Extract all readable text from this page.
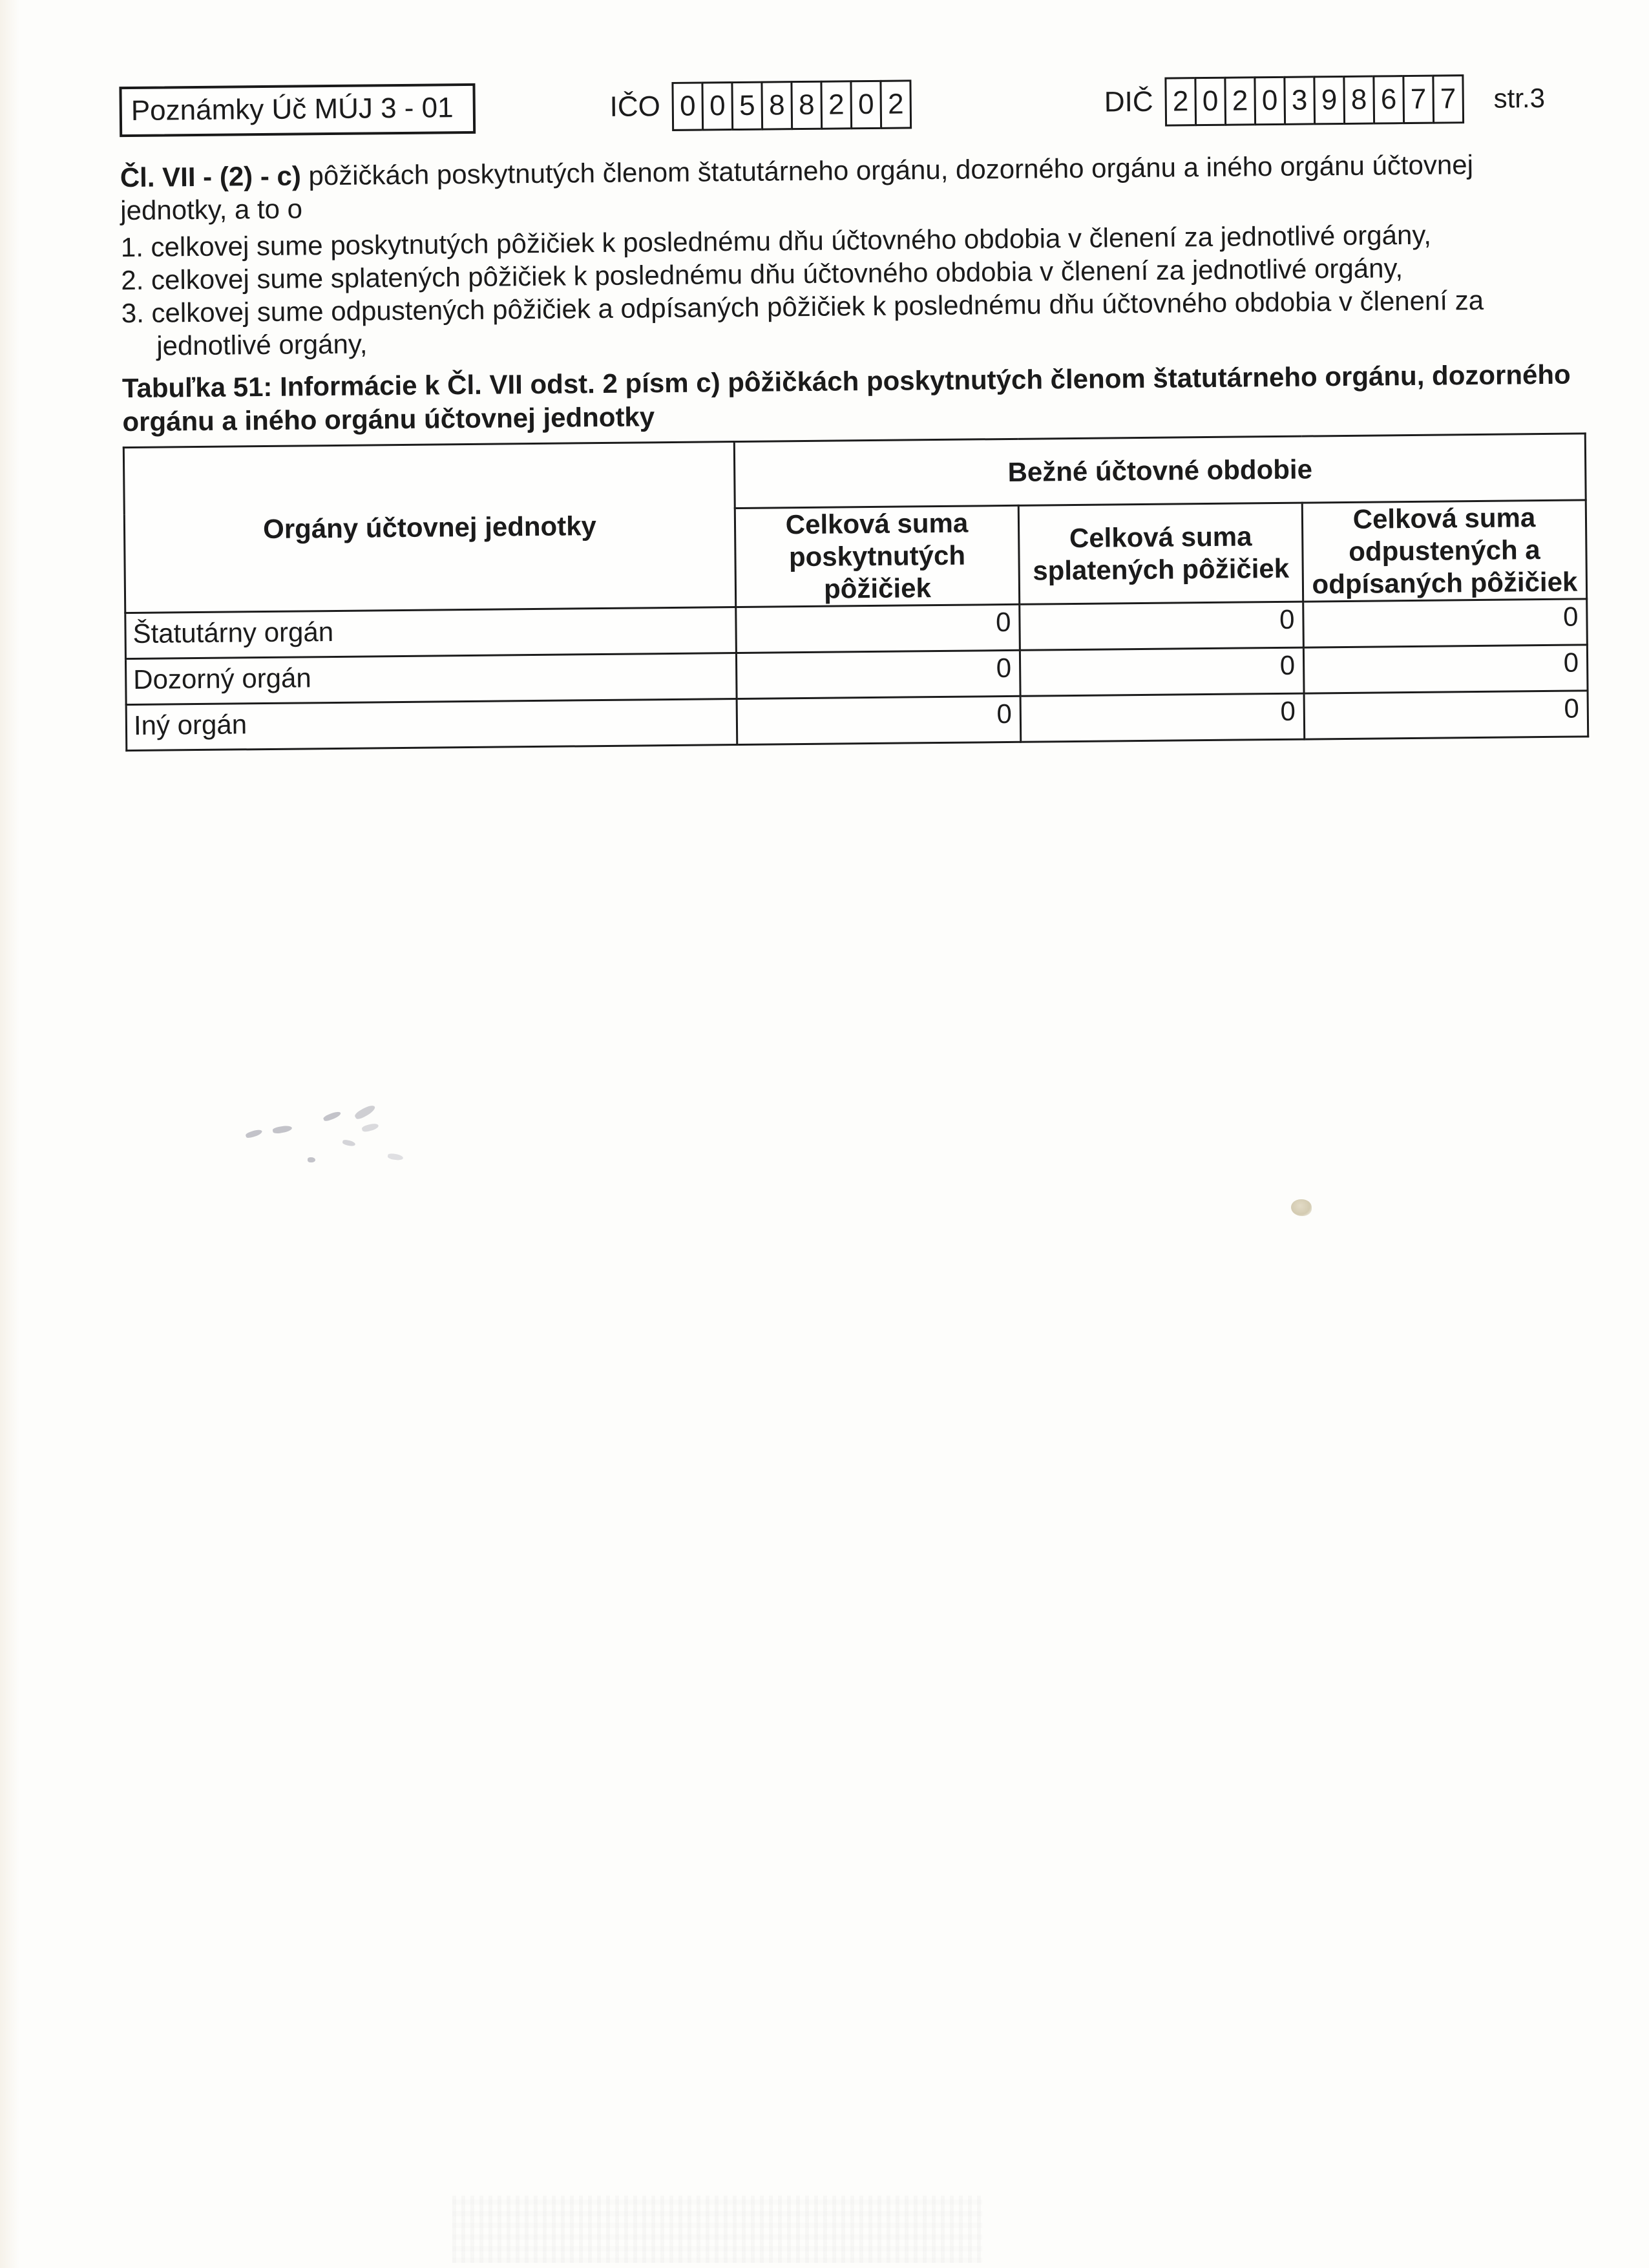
Poznámky Úč MÚJ 3 - 01	IČO 0 0 5 8 8 2 0 2	DIČ 2 0 2 0 3 9 8 6 7 7 str.3

Čl. VII - (2) - c) pôžičkách poskytnutých členom štatutárneho orgánu, dozorného orgánu a iného orgánu účtovnej jednotky, a to o

1. celkovej sume poskytnutých pôžičiek k poslednému dňu účtovného obdobia v členení za jednotlivé orgány,

2. celkovej sume splatených pôžičiek k poslednému dňu účtovného obdobia v členení za jednotlivé orgány,

3. celkovej sume odpustených pôžičiek a odpísaných pôžičiek k poslednému dňu účtovného obdobia v členení za jednotlivé orgány,

Tabuľka 51: Informácie k Čl. VII odst. 2 písm c) pôžičkách poskytnutých členom štatutárneho orgánu, dozorného orgánu a iného orgánu účtovnej jednotky

Orgány účtovnej jednotky	Bežné účtovné obdobie		
	Celková suma poskytnutých pôžičiek	Celková suma splatených pôžičiek	Celková suma odpustených a odpísaných pôžičiek
Štatutárny orgán	0	0	0
Dozorný orgán	0	0	0
Iný orgán	0	0	0
